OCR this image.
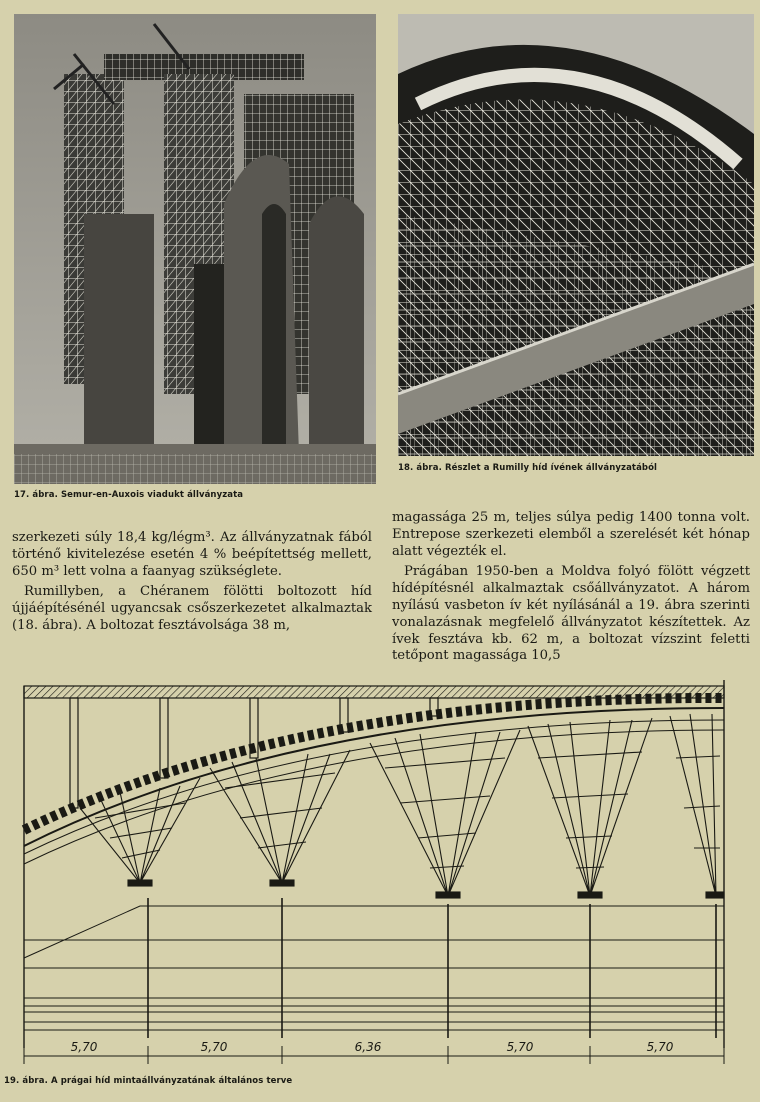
17. ábra. Semur-en-Auxois viadukt állványzata
18. ábra. Részlet a Rumilly híd ívének állványzatából

szerkezeti súly 18,4 kg/légm³. Az állványzatnak fából történő kivitelezése esetén 4 % beépítettség mellett, 650 m³ lett volna a faanyag szükséglete.

Rumillyben, a Chéranem fölötti boltozott híd újjáépítésénél ugyancsak csőszerkezetet alkalmaztak (18. ábra). A boltozat fesztávolsága 38 m,

magassága 25 m, teljes súlya pedig 1400 tonna volt. Entrepose szerkezeti elemből a szerelését két hónap alatt végezték el.

Prágában 1950-ben a Moldva folyó fölött végzett hídépítésnél alkalmaztak csőállványzatot. A három nyílású vasbeton ív két nyílásánál a 19. ábra szerinti vonalazásnak megfelelő állványzatot készítettek. Az ívek fesztáva kb. 62 m, a boltozat vízszint feletti tetőpont magassága 10,5

5,70	5,70	6,36	5,70	5,70
19. ábra. A prágai híd mintaállványzatának általános terve
